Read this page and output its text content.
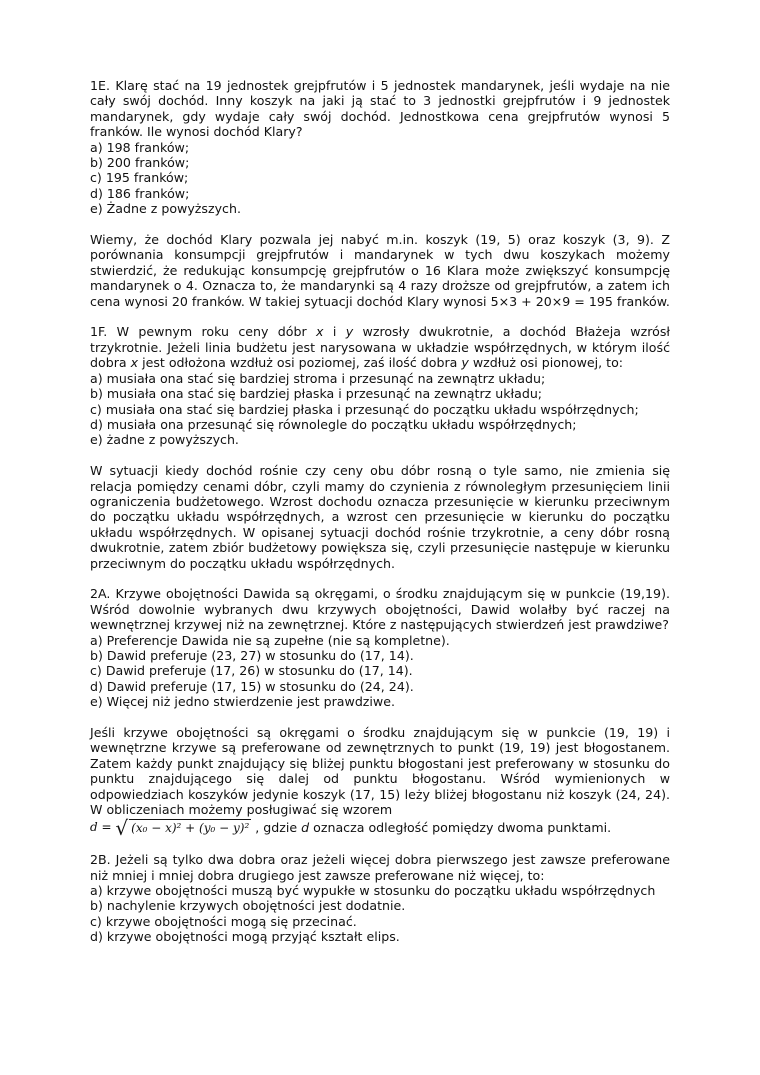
1E. Klarę stać na 19 jednostek grejpfrutów i 5 jednostek mandarynek, jeśli wydaje na nie cały swój dochód. Inny koszyk na jaki ją stać to 3 jednostki grejpfrutów i 9 jednostek mandarynek, gdy wydaje cały swój dochód. Jednostkowa cena grejpfrutów wynosi 5 franków. Ile wynosi dochód Klary?

a) 198 franków;

b) 200 franków;

c) 195 franków;

d) 186 franków;

e) Żadne z powyższych.

Wiemy, że dochód Klary pozwala jej nabyć m.in. koszyk (19, 5) oraz koszyk (3, 9). Z porównania konsumpcji grejpfrutów i mandarynek w tych dwu koszykach możemy stwierdzić, że redukując konsumpcję grejpfrutów o 16 Klara może zwiększyć konsumpcję mandarynek o 4. Oznacza to, że mandarynki są 4 razy droższe od grejpfrutów, a zatem ich cena wynosi 20 franków. W takiej sytuacji dochód Klary wynosi 5×3 + 20×9 = 195 franków.

1F. W pewnym roku ceny dóbr x i y wzrosły dwukrotnie, a dochód Błażeja wzrósł trzykrotnie. Jeżeli linia budżetu jest narysowana w układzie współrzędnych, w którym ilość dobra x jest odłożona wzdłuż osi poziomej, zaś ilość dobra y wzdłuż osi pionowej, to:

a) musiała ona stać się bardziej stroma i przesunąć na zewnątrz układu;

b) musiała ona stać się bardziej płaska i przesunąć na zewnątrz układu;

c) musiała ona stać się bardziej płaska i przesunąć do początku układu współrzędnych;

d) musiała ona przesunąć się równolegle do początku układu współrzędnych;

e) żadne z powyższych.

W sytuacji kiedy dochód rośnie czy ceny obu dóbr rosną o tyle samo, nie zmienia się relacja pomiędzy cenami dóbr, czyli mamy do czynienia z równoległym przesunięciem linii ograniczenia budżetowego. Wzrost dochodu oznacza przesunięcie w kierunku przeciwnym do początku układu współrzędnych, a wzrost cen przesunięcie w kierunku do początku układu współrzędnych. W opisanej sytuacji dochód rośnie trzykrotnie, a ceny dóbr rosną dwukrotnie, zatem zbiór budżetowy powiększa się, czyli przesunięcie następuje w kierunku przeciwnym do początku układu współrzędnych.

2A. Krzywe obojętności Dawida są okręgami, o środku znajdującym się w punkcie (19,19). Wśród dowolnie wybranych dwu krzywych obojętności, Dawid wolałby być raczej na wewnętrznej krzywej niż na zewnętrznej. Które z następujących stwierdzeń jest prawdziwe?

a) Preferencje Dawida nie są zupełne (nie są kompletne).

b) Dawid preferuje (23, 27) w stosunku do (17, 14).

c) Dawid preferuje (17, 26) w stosunku do (17, 14).

d) Dawid preferuje (17, 15) w stosunku do (24, 24).

e) Więcej niż jedno stwierdzenie jest prawdziwe.

Jeśli krzywe obojętności są okręgami o środku znajdującym się w punkcie (19, 19) i wewnętrzne krzywe są preferowane od zewnętrznych to punkt (19, 19) jest błogostanem. Zatem każdy punkt znajdujący się bliżej punktu błogostani jest preferowany w stosunku do punktu znajdującego się dalej od punktu błogostanu. Wśród wymienionych w odpowiedziach koszyków jedynie koszyk (17, 15) leży bliżej błogostanu niż koszyk (24, 24). W obliczeniach możemy posługiwać się wzorem

d
=
√ (x₀ − x)² + (y₀ − y)² , gdzie
d
oznacza odległość pomiędzy dwoma punktami.

2B. Jeżeli są tylko dwa dobra oraz jeżeli więcej dobra pierwszego jest zawsze preferowane niż mniej i mniej dobra drugiego jest zawsze preferowane niż więcej, to:

a) krzywe obojętności muszą być wypukłe w stosunku do początku układu współrzędnych

b) nachylenie krzywych obojętności jest dodatnie.

c) krzywe obojętności mogą się przecinać.

d) krzywe obojętności mogą przyjąć kształt elips.
